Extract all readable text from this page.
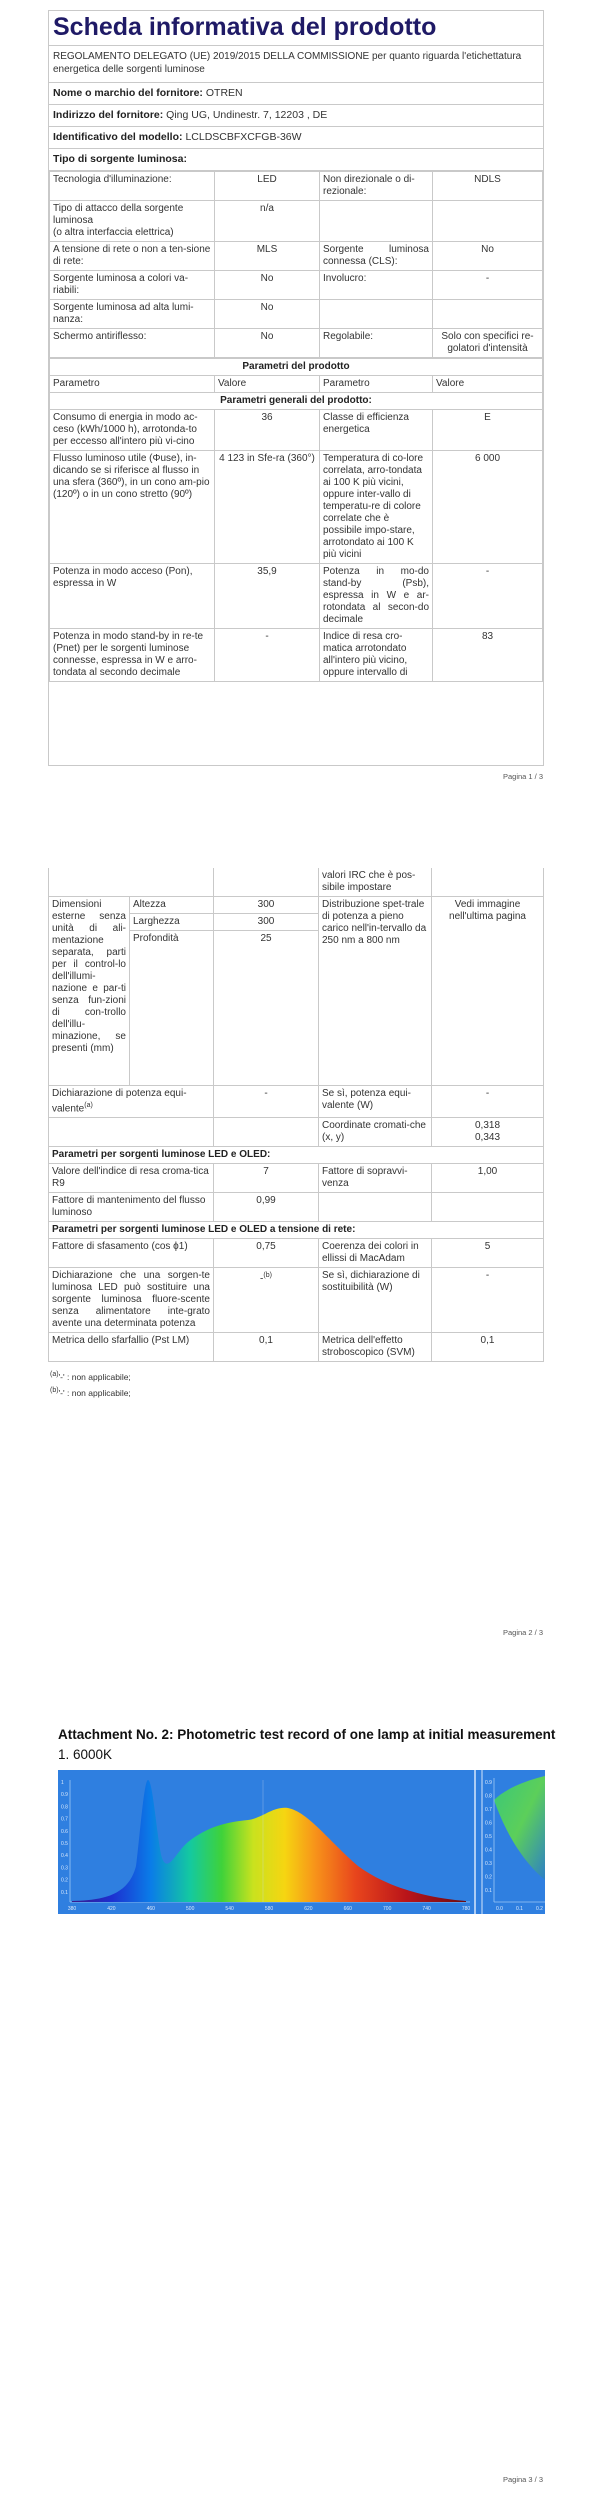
Scheda informativa del prodotto
REGOLAMENTO DELEGATO (UE) 2019/2015 DELLA COMMISSIONE per quanto riguarda l'etichettatura energetica delle sorgenti luminose
Nome o marchio del fornitore: OTREN
Indirizzo del fornitore: Qing UG, Undinestr. 7, 12203 , DE
Identificativo del modello: LCLDSCBFXCFGB-36W
Tipo di sorgente luminosa:
Tecnologia d'illuminazione:	LED	Non direzionale o di-rezionale:	NDLS
Tipo di attacco della sorgente luminosa
(o altra interfaccia elettrica)	n/a		
A tensione di rete o non a ten-sione di rete:	MLS	Sorgente luminosa connessa (CLS):	No
Sorgente luminosa a colori va-riabili:	No	Involucro:	-
Sorgente luminosa ad alta lumi-nanza:	No		
Schermo antiriflesso:	No	Regolabile:	Solo con specifici re-golatori d'intensità
Parametri del prodotto			
Parametro	Valore	Parametro	Valore
Parametri generali del prodotto:			
Consumo di energia in modo ac-ceso (kWh/1000 h), arrotonda-to per eccesso all'intero più vi-cino	36	Classe di efficienza energetica	E
Flusso luminoso utile (Φuse), in-dicando se si riferisce al flusso in una sfera (360º), in un cono am-pio (120º) o in un cono stretto (90º)	4 123 in Sfe-ra (360°)	Temperatura di co-lore correlata, arro-tondata ai 100 K più vicini, oppure inter-vallo di temperatu-re di colore correlate che è possibile impo-stare, arrotondato ai 100 K più vicini	6 000
Potenza in modo acceso (Pon), espressa in W	35,9	Potenza in mo-do stand-by (Psb), espressa in W e ar-rotondata al secon-do decimale	-
Potenza in modo stand-by in re-te (Pnet) per le sorgenti luminose connesse, espressa in W e arro-tondata al secondo decimale	-	Indice di resa cro-matica arrotondato all'intero più vicino, oppure intervallo di	83
Pagina 1 / 3
			valori IRC che è pos-sibile impostare	
Dimensioni esterne senza unità di ali-mentazione separata, parti per il control-lo dell'illumi-nazione e par-ti senza fun-zioni di con-trollo dell'illu-minazione, se presenti (mm)	Altezza	300	Distribuzione spet-trale di potenza a pieno carico nell'in-tervallo da 250 nm a 800 nm	Vedi immagine nell'ultima pagina
	Larghezza	300		
	Profondità	25		

Dichiarazione di potenza equi-valente$^{(a)}$		-	Se sì, potenza equi-valente (W)	-
			Coordinate cromati-che (x, y)	0,318
0,343
Parametri per sorgenti luminose LED e OLED:				
Valore dell'indice di resa croma-tica R9		7	Fattore di sopravvi-venza	1,00
Fattore di mantenimento del flusso luminoso		0,99		
Parametri per sorgenti luminose LED e OLED a tensione di rete:				
Fattore di sfasamento (cos ϕ1)		0,75	Coerenza dei colori in ellissi di MacAdam	5
Dichiarazione che una sorgen-te luminosa LED può sostituire una sorgente luminosa fluore-scente senza alimentatore inte-grato avente una determinata potenza		-$^{(b)}$	Se sì, dichiarazione di sostituibilità (W)	-
Metrica dello sfarfallio (Pst LM)		0,1	Metrica dell'effetto stroboscopico (SVM)	0,1
$^{(a)}$'-' : non applicabile;
$^{(b)}$'-' : non applicabile;
Pagina 2 / 3
Attachment No. 2: Photometric test record of one lamp at initial measurement
1. 6000K
1
0.9
0.8
0.7
0.6
0.5
0.4
0.3
0.2
0.1
380	420	460	500	540	580	620	660	700	740	780
0.9
0.8
0.7
0.6
0.5
0.4
0.3
0.2
0.1
0.0	0.1	0.2
Pagina 3 / 3
